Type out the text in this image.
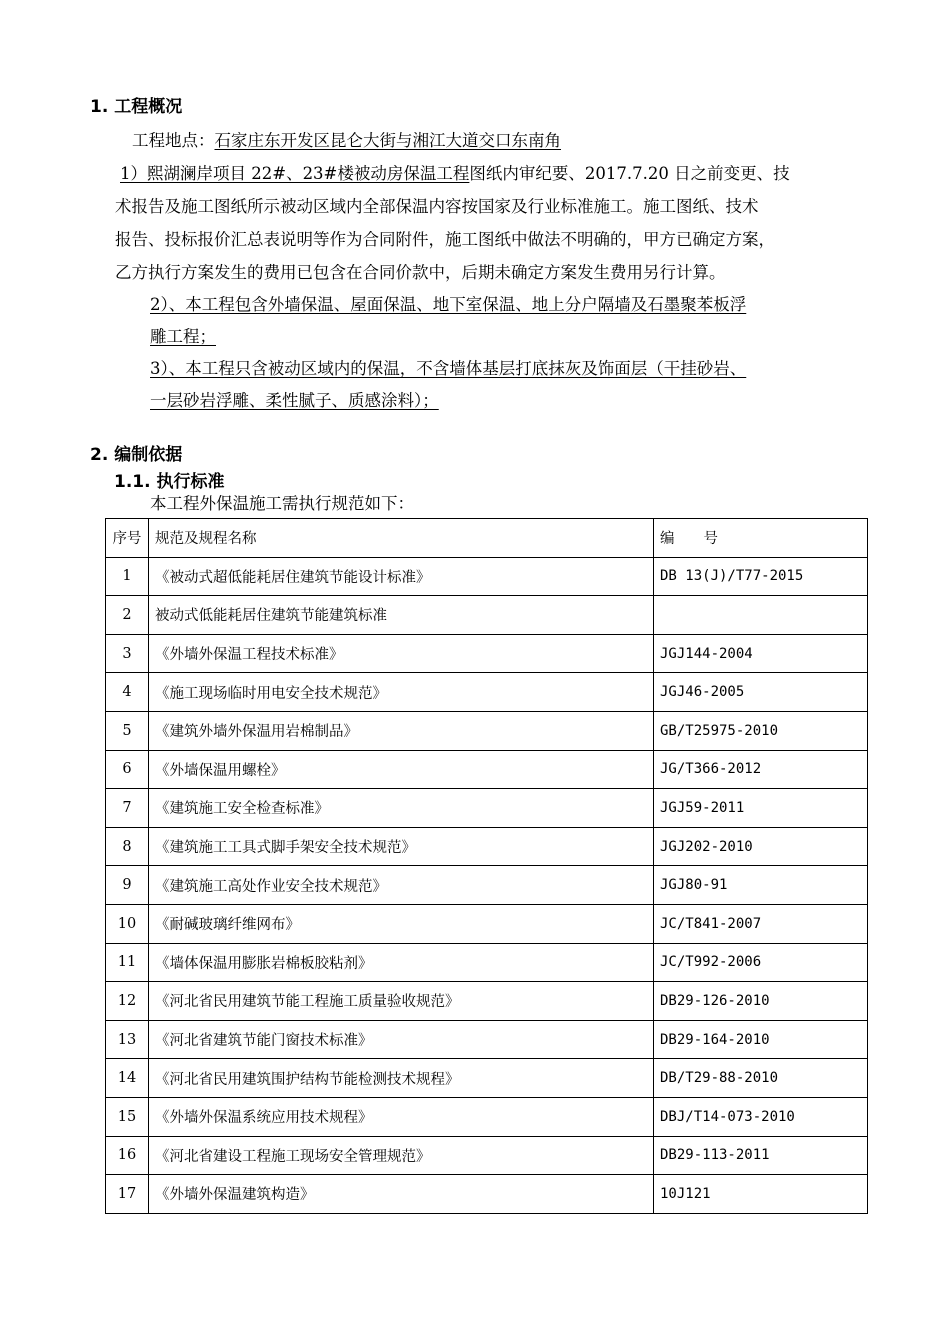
1. 工程概况
工程地点：石家庄东开发区昆仑大街与湘江大道交口东南角
1）熙湖澜岸项目 22#、23#楼被动房保温工程图纸内审纪要、2017.7.20 日之前变更、技
术报告及施工图纸所示被动区域内全部保温内容按国家及行业标准施工。施工图纸、技术
报告、投标报价汇总表说明等作为合同附件，施工图纸中做法不明确的，甲方已确定方案，
乙方执行方案发生的费用已包含在合同价款中，后期未确定方案发生费用另行计算。
2）、本工程包含外墙保温、屋面保温、地下室保温、地上分户隔墙及石墨聚苯板浮
雕工程；
3）、本工程只含被动区域内的保温，不含墙体基层打底抹灰及饰面层（干挂砂岩、
一层砂岩浮雕、柔性腻子、质感涂料）；
2. 编制依据
1.1. 执行标准
本工程外保温施工需执行规范如下：
序号	规范及规程名称	编　　号
1	《被动式超低能耗居住建筑节能设计标准》	DB 13(J)/T77-2015
2	被动式低能耗居住建筑节能建筑标准	
3	《外墙外保温工程技术标准》	JGJ144-2004
4	《施工现场临时用电安全技术规范》	JGJ46-2005
5	《建筑外墙外保温用岩棉制品》	GB/T25975-2010
6	《外墙保温用螺栓》	JG/T366-2012
7	《建筑施工安全检查标准》	JGJ59-2011
8	《建筑施工工具式脚手架安全技术规范》	JGJ202-2010
9	《建筑施工高处作业安全技术规范》	JGJ80-91
10	《耐碱玻璃纤维网布》	JC/T841-2007
11	《墙体保温用膨胀岩棉板胶粘剂》	JC/T992-2006
12	《河北省民用建筑节能工程施工质量验收规范》	DB29-126-2010
13	《河北省建筑节能门窗技术标准》	DB29-164-2010
14	《河北省民用建筑围护结构节能检测技术规程》	DB/T29-88-2010
15	《外墙外保温系统应用技术规程》	DBJ/T14-073-2010
16	《河北省建设工程施工现场安全管理规范》	DB29-113-2011
17	《外墙外保温建筑构造》	10J121
